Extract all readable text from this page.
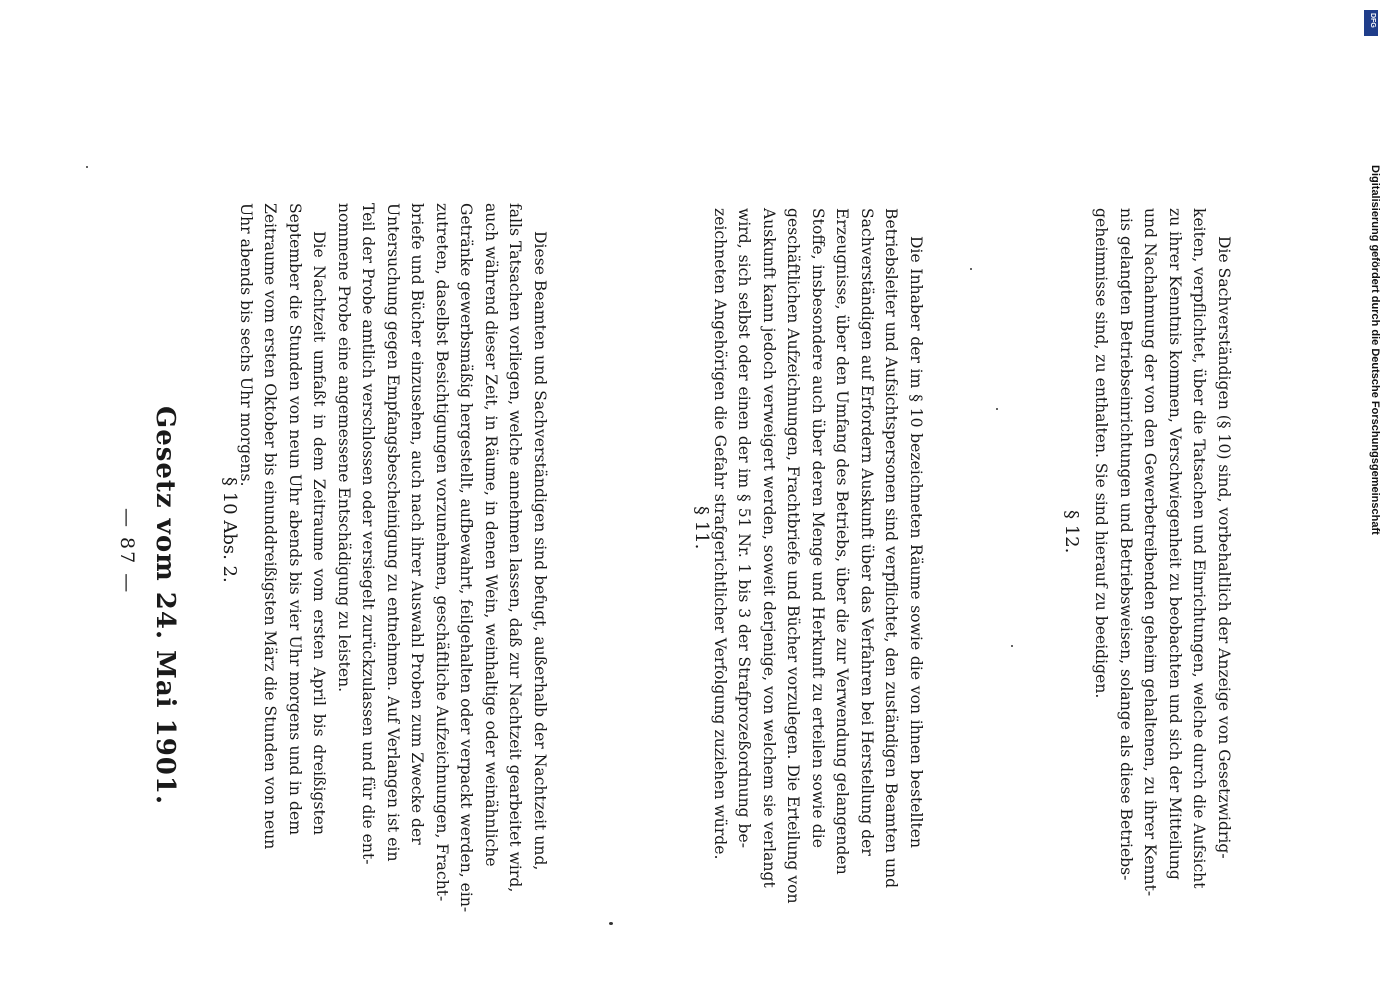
— 87 — Gesetz vom 24. Mai 1901. § 10 Abs. 2.	Diese Beamten und Sachverständigen sind befugt, außerhalb der Nachtzeit und,
falls Tatsachen vorliegen, welche annehmen lassen, daß zur Nachtzeit gearbeitet wird,
auch während dieser Zeit, in Räume, in denen Wein, weinhaltige oder weinähnliche
Getränke gewerbsmäßig hergestellt, aufbewahrt, feilgehalten oder verpackt werden, ein-
zutreten, daselbst Besichtigungen vorzunehmen, geschäftliche Aufzeichnungen, Fracht-
briefe und Bücher einzusehen, auch nach ihrer Auswahl Proben zum Zwecke der
Untersuchung gegen Empfangsbescheinigung zu entnehmen. Auf Verlangen ist ein
Teil der Probe amtlich verschlossen oder versiegelt zurückzulassen und für die ent-
nommene Probe eine angemessene Entschädigung zu leisten.
Die Nachtzeit umfaßt in dem Zeitraume vom ersten April bis dreißigsten
September die Stunden von neun Uhr abends bis vier Uhr morgens und in dem
Zeitraume vom ersten Oktober bis einunddreißigsten März die Stunden von neun
Uhr abends bis sechs Uhr morgens.
§ 11.	Die Inhaber der im § 10 bezeichneten Räume sowie die von ihnen bestellten
Betriebsleiter und Aufsichtspersonen sind verpflichtet, den zuständigen Beamten und
Sachverständigen auf Erfordern Auskunft über das Verfahren bei Herstellung der
Erzeugnisse, über den Umfang des Betriebs, über die zur Verwendung gelangenden
Stoffe, insbesondere auch über deren Menge und Herkunft zu erteilen sowie die
geschäftlichen Aufzeichnungen, Frachtbriefe und Bücher vorzulegen. Die Erteilung von
Auskunft kann jedoch verweigert werden, soweit derjenige, von welchem sie verlangt
wird, sich selbst oder einen der im § 51 Nr. 1 bis 3 der Strafprozeßordnung be-
zeichneten Angehörigen die Gefahr strafgerichtlicher Verfolgung zuziehen würde.	§ 12.	Die Sachverständigen (§ 10) sind, vorbehaltlich der Anzeige von Gesetzwidrig-
keiten, verpflichtet, über die Tatsachen und Einrichtungen, welche durch die Aufsicht
zu ihrer Kenntnis kommen, Verschwiegenheit zu beobachten und sich der Mitteilung
und Nachahmung der von den Gewerbetreibenden geheim gehaltenen, zu ihrer Kennt-
nis gelangten Betriebseinrichtungen und Betriebsweisen, solange als diese Betriebs-
geheimnisse sind, zu enthalten. Sie sind hierauf zu beeidigen.	Digitalisierung gefördert durch die Deutsche Forschungsgemeinschaft
DFG
